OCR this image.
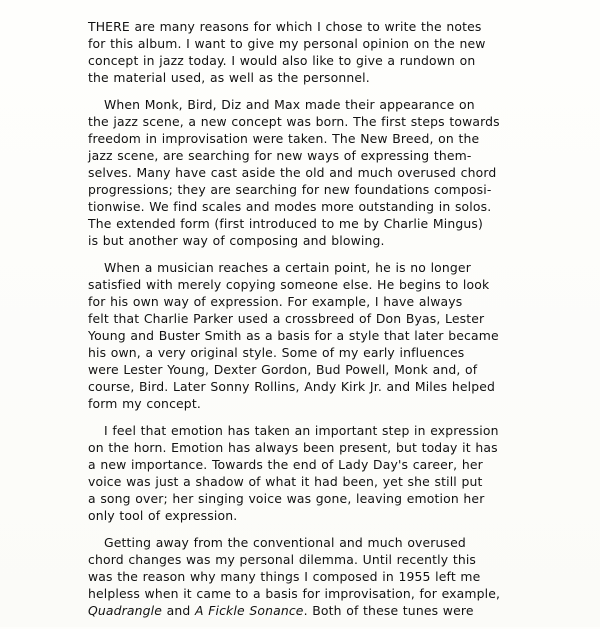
THERE are many reasons for which I chose to write the notes
for this album. I want to give my personal opinion on the new
concept in jazz today. I would also like to give a rundown on
the material used, as well as the personnel.

When Monk, Bird, Diz and Max made their appearance on
the jazz scene, a new concept was born. The first steps towards
freedom in improvisation were taken. The New Breed, on the
jazz scene, are searching for new ways of expressing them-
selves. Many have cast aside the old and much overused chord
progressions; they are searching for new foundations composi-
tionwise. We find scales and modes more outstanding in solos.
The extended form (first introduced to me by Charlie Mingus)
is but another way of composing and blowing.

When a musician reaches a certain point, he is no longer
satisfied with merely copying someone else. He begins to look
for his own way of expression. For example, I have always
felt that Charlie Parker used a crossbreed of Don Byas, Lester
Young and Buster Smith as a basis for a style that later became
his own, a very original style. Some of my early influences
were Lester Young, Dexter Gordon, Bud Powell, Monk and, of
course, Bird. Later Sonny Rollins, Andy Kirk Jr. and Miles helped
form my concept.

I feel that emotion has taken an important step in expression
on the horn. Emotion has always been present, but today it has
a new importance. Towards the end of Lady Day's career, her
voice was just a shadow of what it had been, yet she still put
a song over; her singing voice was gone, leaving emotion her
only tool of expression.

Getting away from the conventional and much overused
chord changes was my personal dilemma. Until recently this
was the reason why many things I composed in 1955 left me
helpless when it came to a basis for improvisation, for example,
Quadrangle and A Fickle Sonance. Both of these tunes were
